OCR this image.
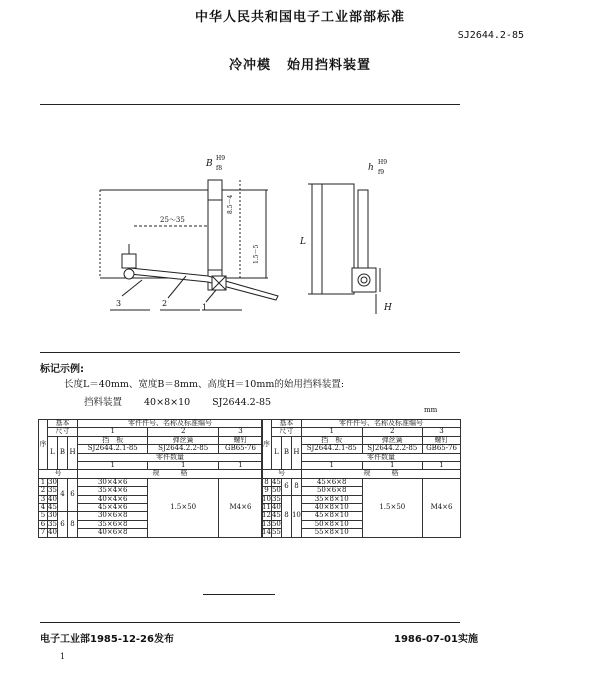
中华人民共和国电子工业部部标准
SJ2644.2-85
冷冲模 始用挡料装置
B
H9
f8	h
H9
f9
25～35
8.5～4
1.5～5
L
H
3	2	1
标记示例:
长度L＝40mm、宽度B＝8mm、高度H＝10mm的始用挡料装置:
挡料装置 40×8×10 SJ2644.2-85
mm
序	基本			零件件号、名称及标准编号		
	尺寸			1	2	3
	L	B	H	挡　板	弹丝簧	螺钉
				SJ2644.2.1-85	SJ2644.2.2-85	GB65-76
				零件数量		
				1	1	1
号				规　　　格		
1	30	4	6	30×4×6	1.5×50	M4×6
2	35			35×4×6		
3	40			40×4×6		
4	45			45×4×6		
5	30	6	8	30×6×8		
6	35			35×6×8		
7	40			40×6×8		
序	基本			零件件号、名称及标准编号		
	尺寸			1	2	3
	L	B	H	挡　板	弹丝簧	螺钉
				SJ2644.2.1-85	SJ2644.2.2-85	GB65-76
				零件数量		
				1	1	1
号				规　　　格		
8	45	6	8	45×6×8	1.5×50	M4×6
9	50			50×6×8		
10	35	8	10	35×8×10		
11	40			40×8×10		
12	45			45×8×10		
13	50			50×8×10		
14	55			55×8×10		
电子工业部1985-12-26发布	1986-07-01实施
1
